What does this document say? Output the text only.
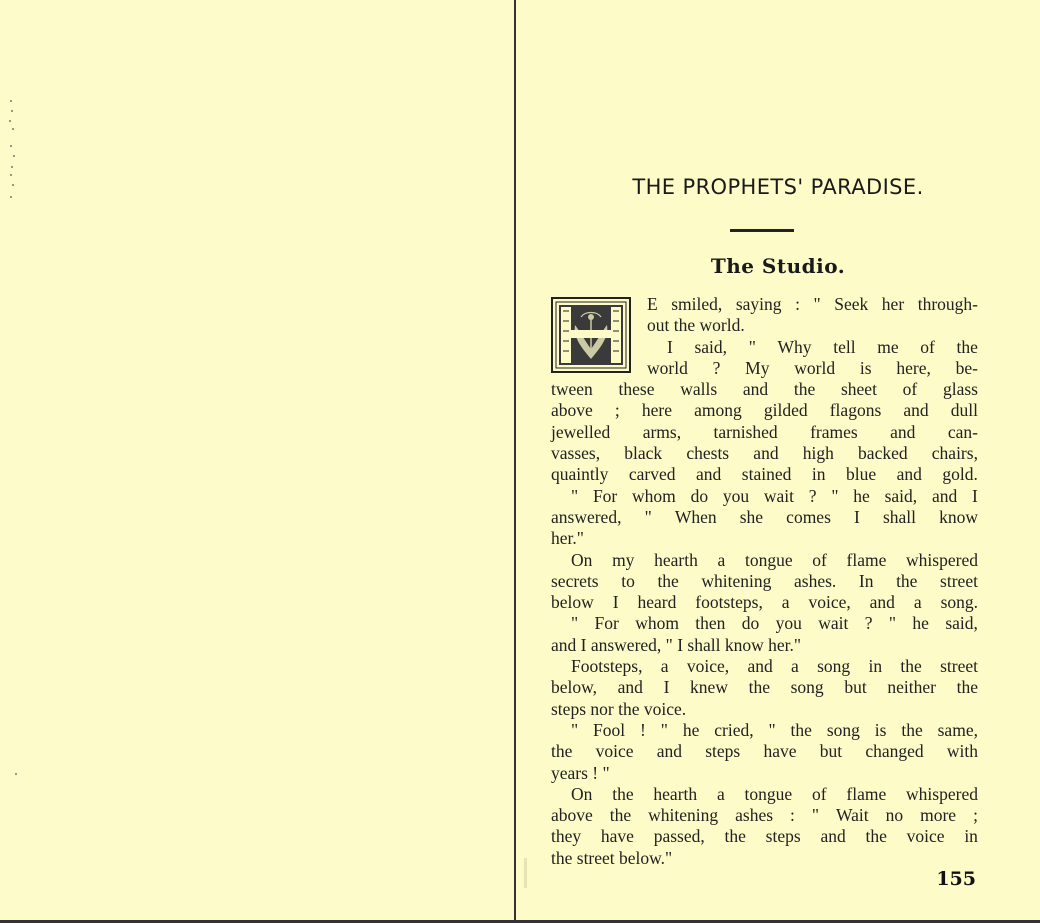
THE PROPHETS' PARADISE.
The Studio.
E smiled, saying : " Seek her through-
out the world.
I said, " Why tell me of the
world ? My world is here, be-
tween these walls and the sheet of glass
above ; here among gilded flagons and dull
jewelled arms, tarnished frames and can-
vasses, black chests and high backed chairs,
quaintly carved and stained in blue and gold.
" For whom do you wait ? " he said, and I
answered, " When she comes I shall know
her."
On my hearth a tongue of flame whispered
secrets to the whitening ashes. In the street
below I heard footsteps, a voice, and a song.
" For whom then do you wait ? " he said,
and I answered, " I shall know her."
Footsteps, a voice, and a song in the street
below, and I knew the song but neither the
steps nor the voice.
" Fool ! " he cried, " the song is the same,
the voice and steps have but changed with
years ! "
On the hearth a tongue of flame whispered
above the whitening ashes : " Wait no more ;
they have passed, the steps and the voice in
the street below."
155
